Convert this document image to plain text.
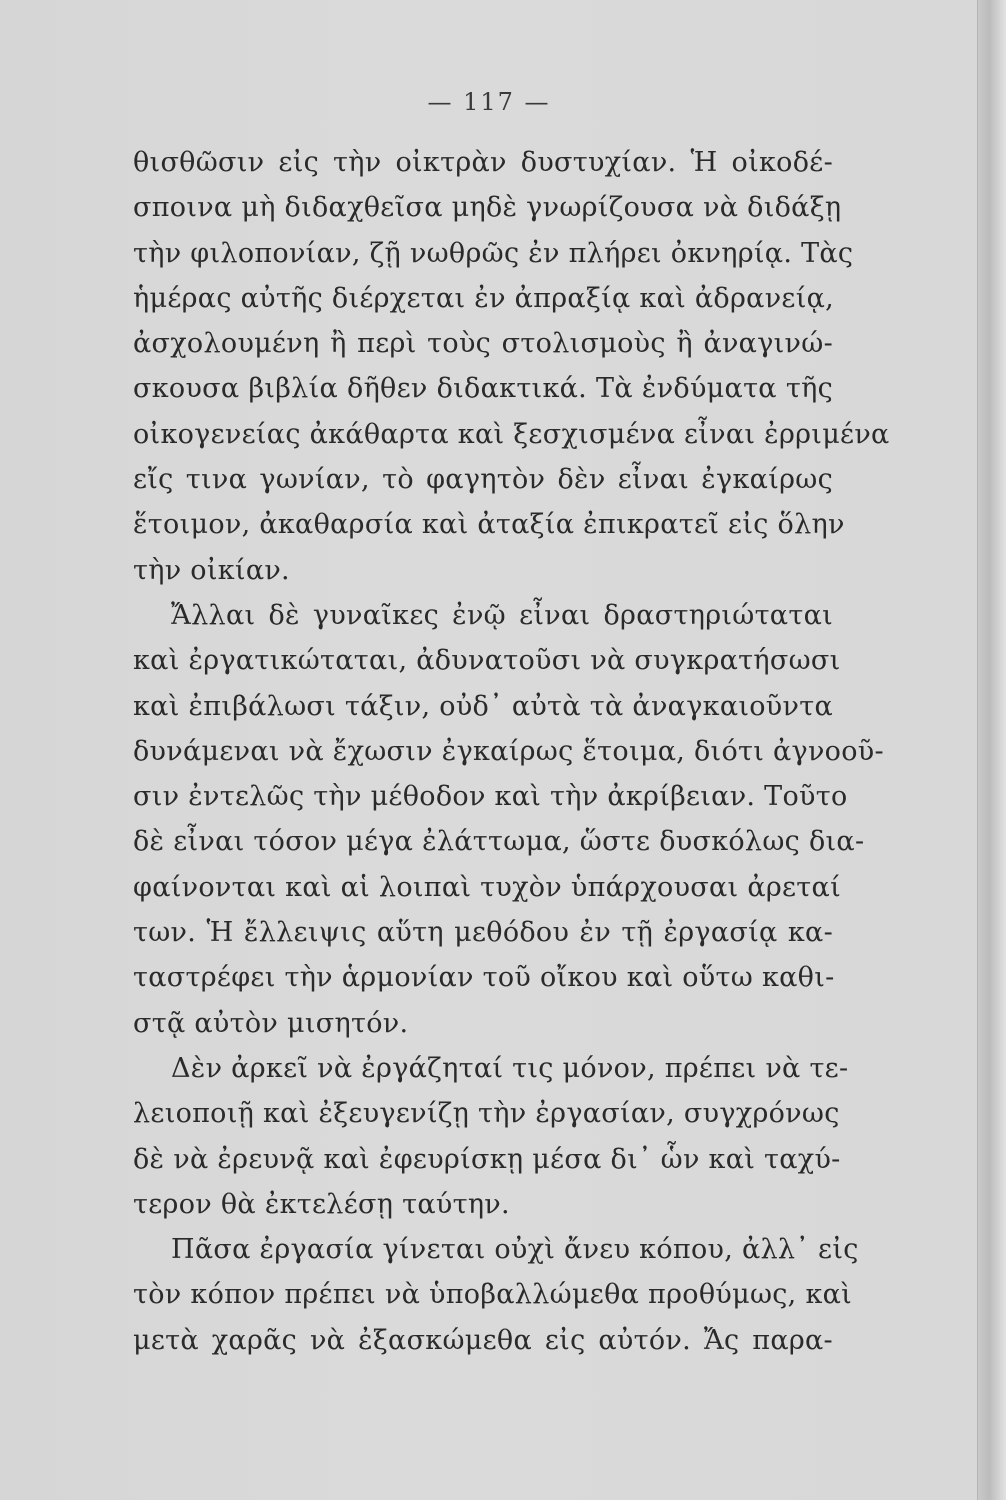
— 117 —
θισθῶσιν εἰς τὴν οἰκτρὰν δυστυχίαν. Ἡ οἰκοδέ-
σποινα μὴ διδαχθεῖσα μηδὲ γνωρίζουσα νὰ διδάξῃ
τὴν φιλοπονίαν, ζῇ νωθρῶς ἐν πλήρει ὀκνηρίᾳ. Τὰς
ἡμέρας αὐτῆς διέρχεται ἐν ἀπραξίᾳ καὶ ἀδρανείᾳ,
ἀσχολουμένη ἢ περὶ τοὺς στολισμοὺς ἢ ἀναγινώ-
σκουσα βιβλία δῆθεν διδακτικά. Τὰ ἐνδύματα τῆς
οἰκογενείας ἀκάθαρτα καὶ ξεσχισμένα εἶναι ἐρριμένα
εἴς τινα γωνίαν, τὸ φαγητὸν δὲν εἶναι ἐγκαίρως
ἕτοιμον, ἀκαθαρσία καὶ ἀταξία ἐπικρατεῖ εἰς ὅλην
τὴν οἰκίαν.
Ἄλλαι δὲ γυναῖκες ἐνῷ εἶναι δραστηριώταται
καὶ ἐργατικώταται, ἀδυνατοῦσι νὰ συγκρατήσωσι
καὶ ἐπιβάλωσι τάξιν, οὐδ᾽ αὐτὰ τὰ ἀναγκαιοῦντα
δυνάμεναι νὰ ἔχωσιν ἐγκαίρως ἕτοιμα, διότι ἀγνοοῦ-
σιν ἐντελῶς τὴν μέθοδον καὶ τὴν ἀκρίβειαν. Τοῦτο
δὲ εἶναι τόσον μέγα ἐλάττωμα, ὥστε δυσκόλως δια-
φαίνονται καὶ αἱ λοιπαὶ τυχὸν ὑπάρχουσαι ἀρεταί
των. Ἡ ἔλλειψις αὕτη μεθόδου ἐν τῇ ἐργασίᾳ κα-
ταστρέφει τὴν ἁρμονίαν τοῦ οἴκου καὶ οὕτω καθι-
στᾷ αὐτὸν μισητόν.
Δὲν ἀρκεῖ νὰ ἐργάζηταί τις μόνον, πρέπει νὰ τε-
λειοποιῇ καὶ ἐξευγενίζῃ τὴν ἐργασίαν, συγχρόνως
δὲ νὰ ἐρευνᾷ καὶ ἐφευρίσκῃ μέσα δι᾽ ὧν καὶ ταχύ-
τερον θὰ ἐκτελέσῃ ταύτην.
Πᾶσα ἐργασία γίνεται οὐχὶ ἄνευ κόπου, ἀλλ᾽ εἰς
τὸν κόπον πρέπει νὰ ὑποβαλλώμεθα προθύμως, καὶ
μετὰ χαρᾶς νὰ ἐξασκώμεθα εἰς αὐτόν. Ἄς παρα-
